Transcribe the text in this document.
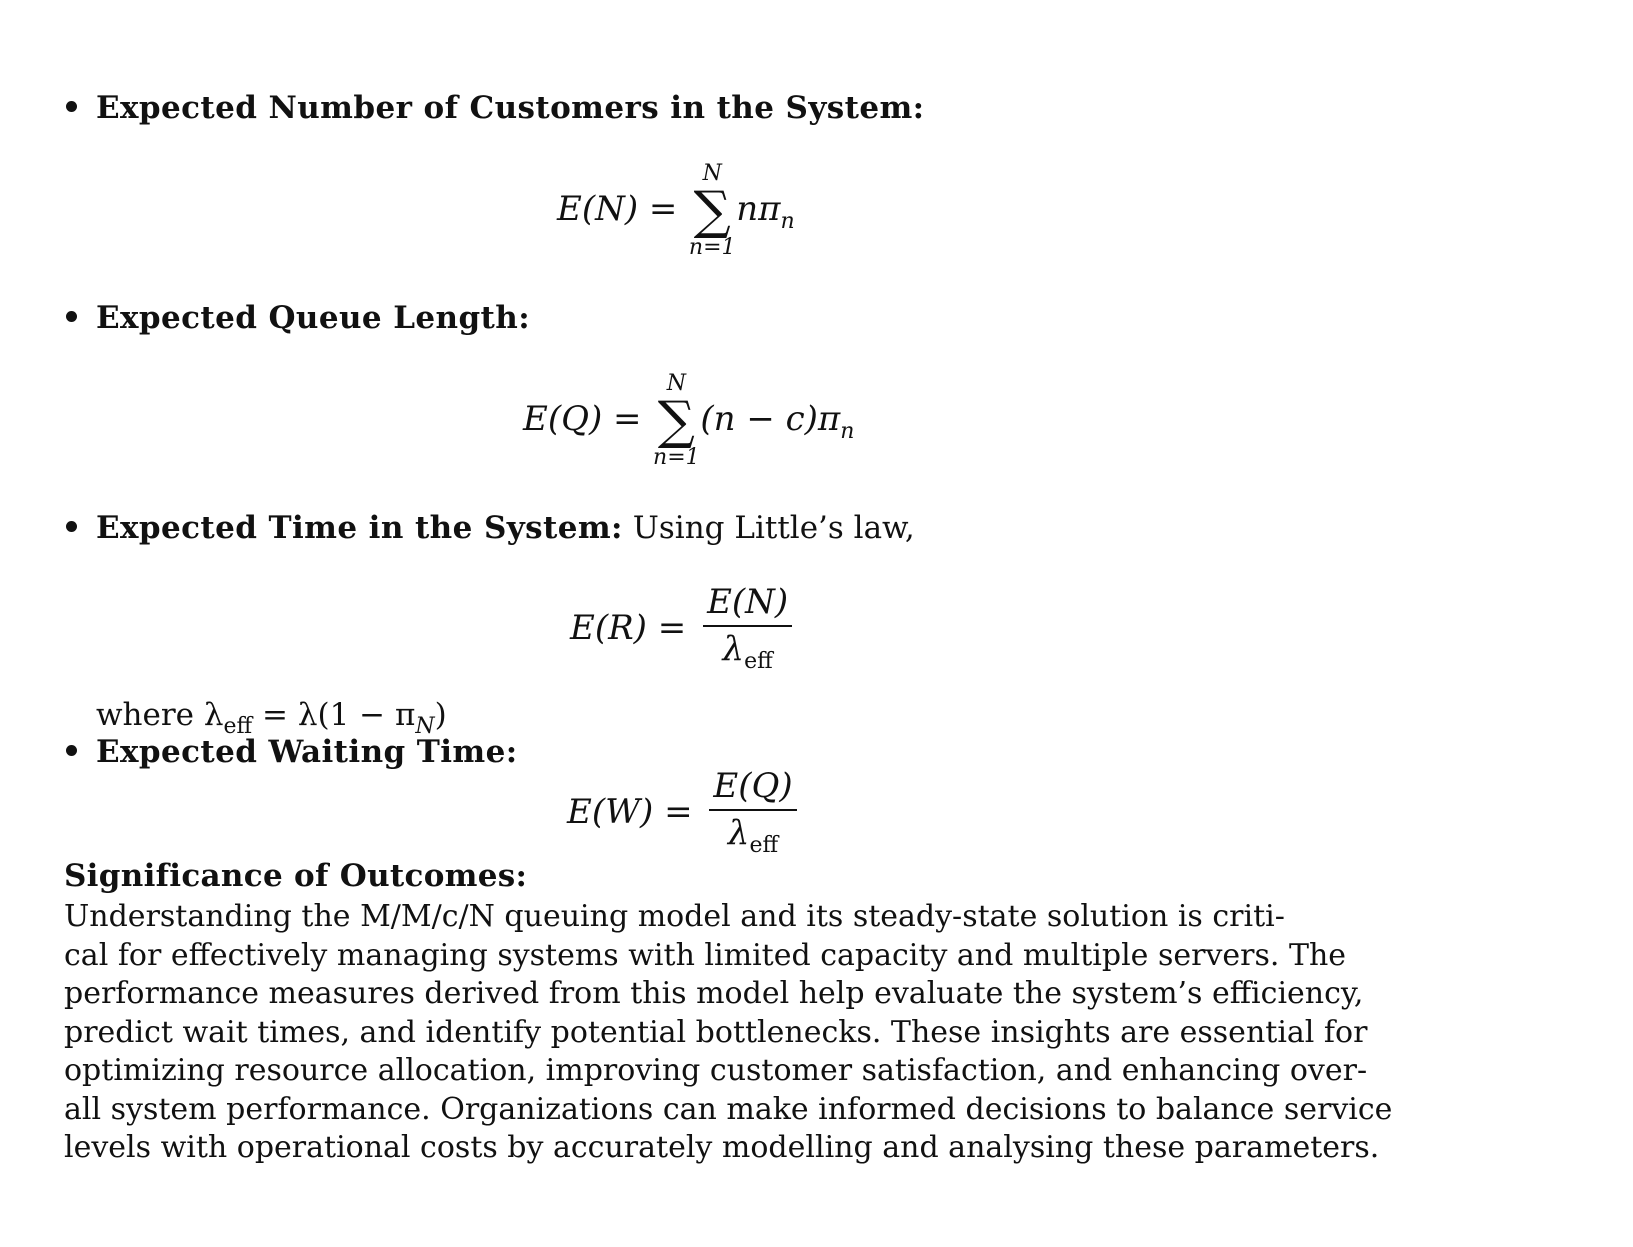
Expected Number of Customers in the System:
E(N) =
N
∑
n=1
$n\pi_n$
Expected Queue Length:
E(Q) =
N
∑
n=1
$(n - c)\pi_n$
Expected Time in the System: Using Little’s law,
$E(R) = \frac{E(N)}{\lambda_{eff}}$
where $\lambda_{eff} = \lambda(1 - \pi_N)$
Expected Waiting Time:
$E(W) = \frac{E(Q)}{\lambda_{eff}}$
Significance of Outcomes:
Understanding the M/M/c/N queuing model and its steady-state solution is criti-
cal for effectively managing systems with limited capacity and multiple servers. The
performance measures derived from this model help evaluate the system’s efficiency,
predict wait times, and identify potential bottlenecks. These insights are essential for
optimizing resource allocation, improving customer satisfaction, and enhancing over-
all system performance. Organizations can make informed decisions to balance service
levels with operational costs by accurately modelling and analysing these parameters.
